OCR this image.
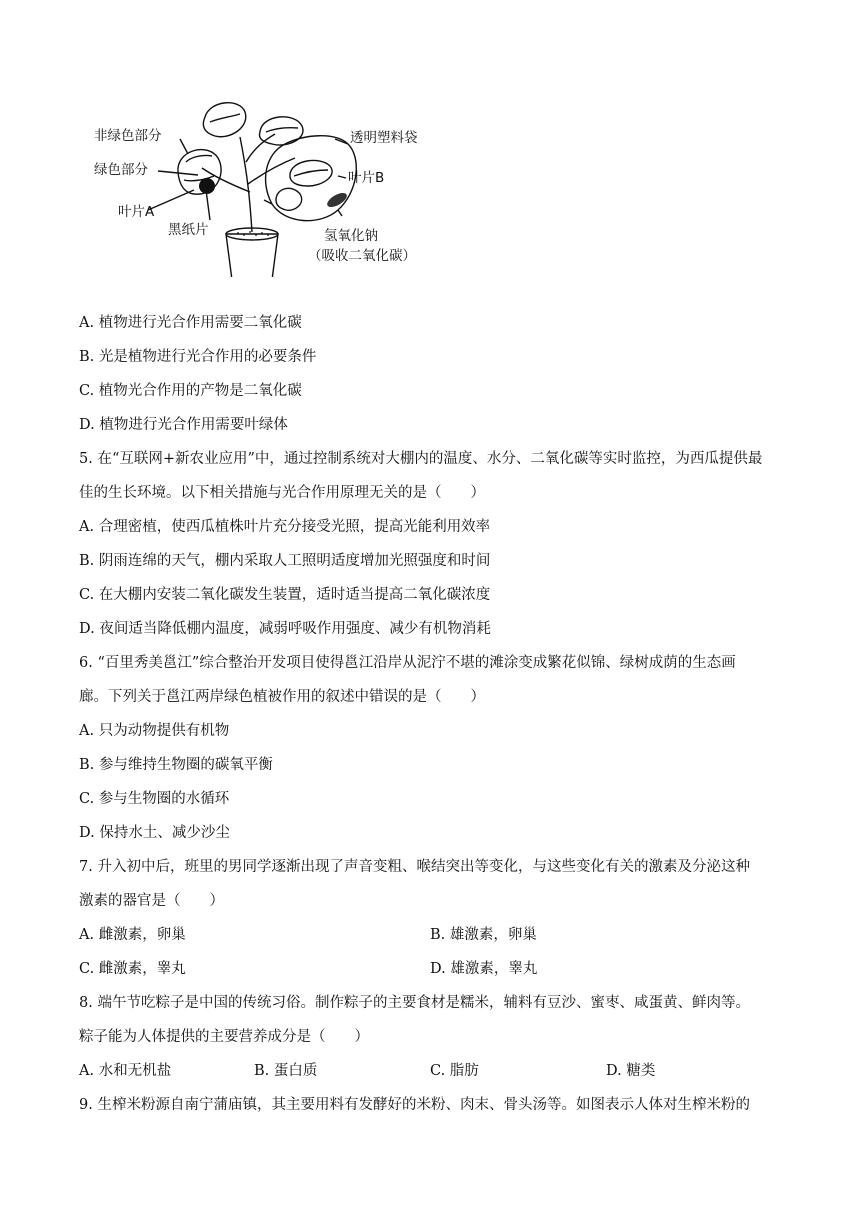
非绿色部分
绿色部分
叶片A
黑纸片
透明塑料袋
叶片B
氢氧化钠
（吸收二氧化碳）
A. 植物进行光合作用需要二氧化碳
B. 光是植物进行光合作用的必要条件
C. 植物光合作用的产物是二氧化碳
D. 植物进行光合作用需要叶绿体
5. 在“互联网+新农业应用”中，通过控制系统对大棚内的温度、水分、二氧化碳等实时监控，为西瓜提供最
佳的生长环境。以下相关措施与光合作用原理无关的是（　　）
A. 合理密植，使西瓜植株叶片充分接受光照，提高光能利用效率
B. 阴雨连绵的天气，棚内采取人工照明适度增加光照强度和时间
C. 在大棚内安装二氧化碳发生装置，适时适当提高二氧化碳浓度
D. 夜间适当降低棚内温度，减弱呼吸作用强度、减少有机物消耗
6. “百里秀美邕江”综合整治开发项目使得邕江沿岸从泥泞不堪的滩涂变成繁花似锦、绿树成荫的生态画
廊。下列关于邕江两岸绿色植被作用的叙述中错误的是（　　）
A. 只为动物提供有机物
B. 参与维持生物圈的碳氧平衡
C. 参与生物圈的水循环
D. 保持水土、减少沙尘
7. 升入初中后，班里的男同学逐渐出现了声音变粗、喉结突出等变化，与这些变化有关的激素及分泌这种
激素的器官是（　　）
A. 雌激素，卵巢	B. 雄激素，卵巢
C. 雌激素，睾丸	D. 雄激素，睾丸
8. 端午节吃粽子是中国的传统习俗。制作粽子的主要食材是糯米，辅料有豆沙、蜜枣、咸蛋黄、鲜肉等。
粽子能为人体提供的主要营养成分是（　　）
A. 水和无机盐	B. 蛋白质	C. 脂肪	D. 糖类
9. 生榨米粉源自南宁蒲庙镇，其主要用料有发酵好的米粉、肉末、骨头汤等。如图表示人体对生榨米粉的
